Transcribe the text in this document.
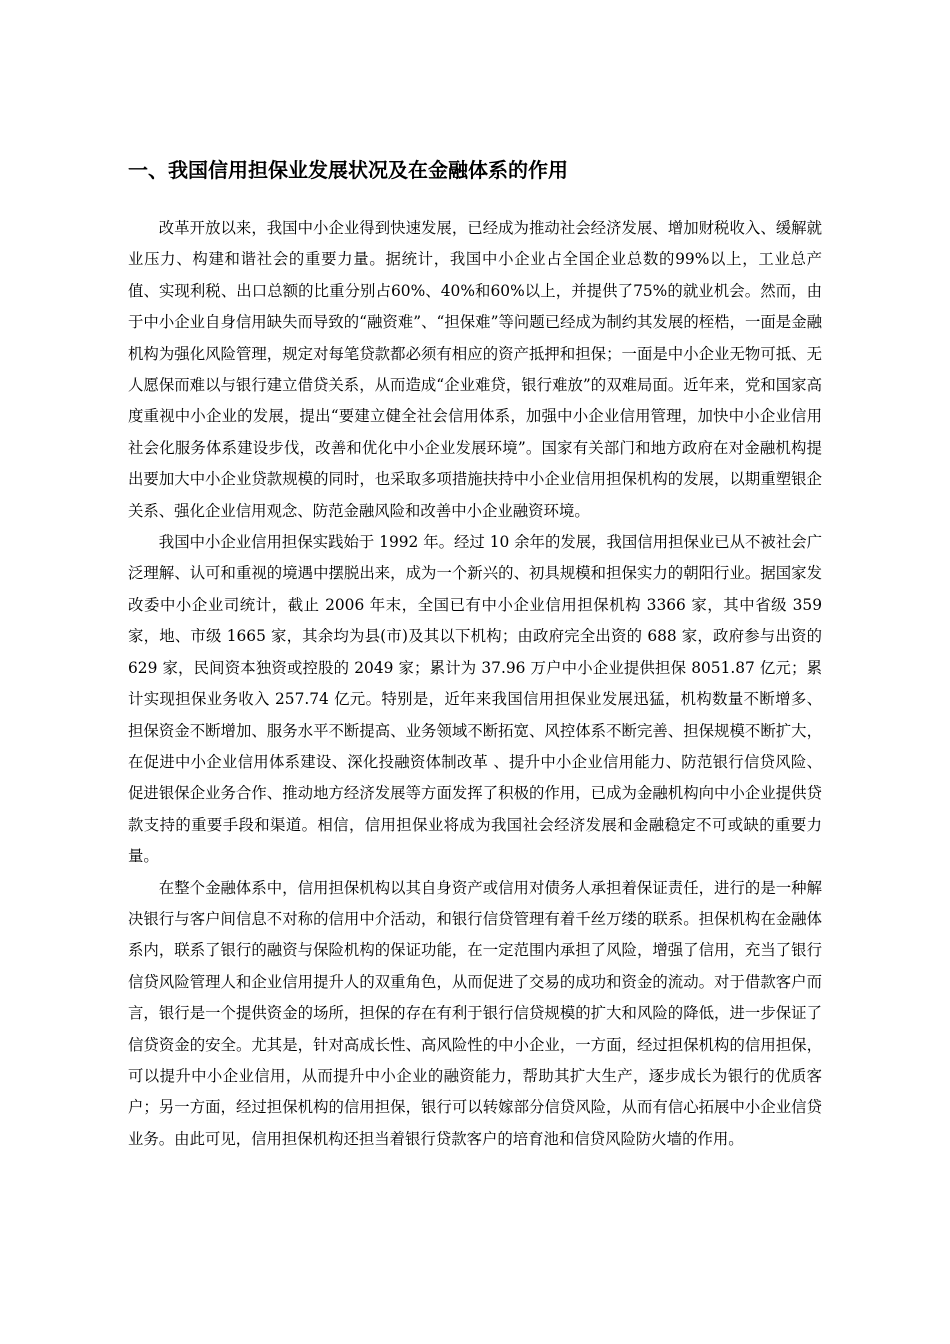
一、我国信用担保业发展状况及在金融体系的作用

改革开放以来，我国中小企业得到快速发展，已经成为推动社会经济发展、增加财税收入、缓解就业压力、构建和谐社会的重要力量。据统计，我国中小企业占全国企业总数的99%以上，工业总产值、实现利税、出口总额的比重分别占60%、40%和60%以上，并提供了75%的就业机会。然而，由于中小企业自身信用缺失而导致的“融资难”、“担保难”等问题已经成为制约其发展的桎梏，一面是金融机构为强化风险管理，规定对每笔贷款都必须有相应的资产抵押和担保；一面是中小企业无物可抵、无人愿保而难以与银行建立借贷关系，从而造成“企业难贷，银行难放”的双难局面。近年来，党和国家高度重视中小企业的发展，提出“要建立健全社会信用体系，加强中小企业信用管理，加快中小企业信用社会化服务体系建设步伐，改善和优化中小企业发展环境”。国家有关部门和地方政府在对金融机构提出要加大中小企业贷款规模的同时，也采取多项措施扶持中小企业信用担保机构的发展，以期重塑银企关系、强化企业信用观念、防范金融风险和改善中小企业融资环境。

我国中小企业信用担保实践始于 1992 年。经过 10 余年的发展，我国信用担保业已从不被社会广泛理解、认可和重视的境遇中摆脱出来，成为一个新兴的、初具规模和担保实力的朝阳行业。据国家发改委中小企业司统计，截止 2006 年末，全国已有中小企业信用担保机构 3366 家，其中省级 359 家，地、市级 1665 家，其余均为县(市)及其以下机构；由政府完全出资的 688 家，政府参与出资的 629 家，民间资本独资或控股的 2049 家；累计为 37.96 万户中小企业提供担保 8051.87 亿元；累计实现担保业务收入 257.74 亿元。特别是，近年来我国信用担保业发展迅猛，机构数量不断增多、担保资金不断增加、服务水平不断提高、业务领域不断拓宽、风控体系不断完善、担保规模不断扩大，在促进中小企业信用体系建设、深化投融资体制改革 、提升中小企业信用能力、防范银行信贷风险、促进银保企业务合作、推动地方经济发展等方面发挥了积极的作用，已成为金融机构向中小企业提供贷款支持的重要手段和渠道。相信，信用担保业将成为我国社会经济发展和金融稳定不可或缺的重要力量。

在整个金融体系中，信用担保机构以其自身资产或信用对债务人承担着保证责任，进行的是一种解决银行与客户间信息不对称的信用中介活动，和银行信贷管理有着千丝万缕的联系。担保机构在金融体系内，联系了银行的融资与保险机构的保证功能，在一定范围内承担了风险，增强了信用，充当了银行信贷风险管理人和企业信用提升人的双重角色，从而促进了交易的成功和资金的流动。对于借款客户而言，银行是一个提供资金的场所，担保的存在有利于银行信贷规模的扩大和风险的降低，进一步保证了信贷资金的安全。尤其是，针对高成长性、高风险性的中小企业，一方面，经过担保机构的信用担保，可以提升中小企业信用，从而提升中小企业的融资能力，帮助其扩大生产，逐步成长为银行的优质客户；另一方面，经过担保机构的信用担保，银行可以转嫁部分信贷风险，从而有信心拓展中小企业信贷业务。由此可见，信用担保机构还担当着银行贷款客户的培育池和信贷风险防火墙的作用。
